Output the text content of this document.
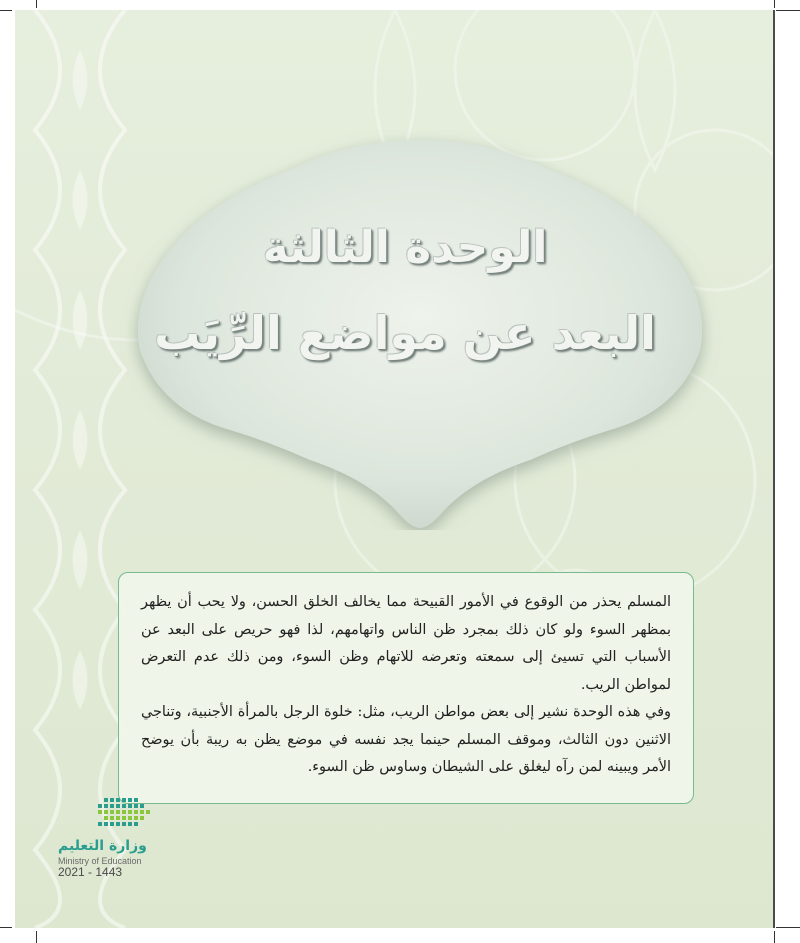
الوحدة الثالثة
البعد عن مواضع الرِّيَب

المسلم يحذر من الوقوع في الأمور القبيحة مما يخالف الخلق الحسن، ولا يحب أن يظهر بمظهر السوء ولو كان ذلك بمجرد ظن الناس واتهامهم، لذا فهو حريص على البعد عن الأسباب التي تسيئ إلى سمعته وتعرضه للاتهام وظن السوء، ومن ذلك عدم التعرض لمواطن الريب.

وفي هذه الوحدة نشير إلى بعض مواطن الريب، مثل: خلوة الرجل بالمرأة الأجنبية، وتناجي الاثنين دون الثالث، وموقف المسلم حينما يجد نفسه في موضع يظن به ريبة بأن يوضح الأمر ويبينه لمن رآه ليغلق على الشيطان وساوس ظن السوء.

وزارة التعليم
Ministry of Education
2021 - 1443
